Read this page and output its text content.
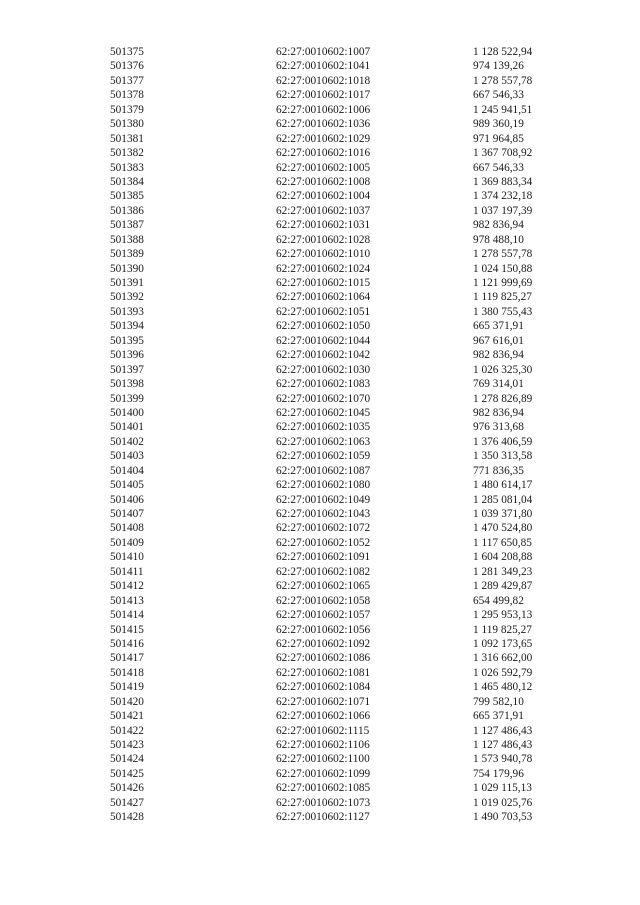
501375	62:27:0010602:1007	1 128 522,94
501376	62:27:0010602:1041	974 139,26
501377	62:27:0010602:1018	1 278 557,78
501378	62:27:0010602:1017	667 546,33
501379	62:27:0010602:1006	1 245 941,51
501380	62:27:0010602:1036	989 360,19
501381	62:27:0010602:1029	971 964,85
501382	62:27:0010602:1016	1 367 708,92
501383	62:27:0010602:1005	667 546,33
501384	62:27:0010602:1008	1 369 883,34
501385	62:27:0010602:1004	1 374 232,18
501386	62:27:0010602:1037	1 037 197,39
501387	62:27:0010602:1031	982 836,94
501388	62:27:0010602:1028	978 488,10
501389	62:27:0010602:1010	1 278 557,78
501390	62:27:0010602:1024	1 024 150,88
501391	62:27:0010602:1015	1 121 999,69
501392	62:27:0010602:1064	1 119 825,27
501393	62:27:0010602:1051	1 380 755,43
501394	62:27:0010602:1050	665 371,91
501395	62:27:0010602:1044	967 616,01
501396	62:27:0010602:1042	982 836,94
501397	62:27:0010602:1030	1 026 325,30
501398	62:27:0010602:1083	769 314,01
501399	62:27:0010602:1070	1 278 826,89
501400	62:27:0010602:1045	982 836,94
501401	62:27:0010602:1035	976 313,68
501402	62:27:0010602:1063	1 376 406,59
501403	62:27:0010602:1059	1 350 313,58
501404	62:27:0010602:1087	771 836,35
501405	62:27:0010602:1080	1 480 614,17
501406	62:27:0010602:1049	1 285 081,04
501407	62:27:0010602:1043	1 039 371,80
501408	62:27:0010602:1072	1 470 524,80
501409	62:27:0010602:1052	1 117 650,85
501410	62:27:0010602:1091	1 604 208,88
501411	62:27:0010602:1082	1 281 349,23
501412	62:27:0010602:1065	1 289 429,87
501413	62:27:0010602:1058	654 499,82
501414	62:27:0010602:1057	1 295 953,13
501415	62:27:0010602:1056	1 119 825,27
501416	62:27:0010602:1092	1 092 173,65
501417	62:27:0010602:1086	1 316 662,00
501418	62:27:0010602:1081	1 026 592,79
501419	62:27:0010602:1084	1 465 480,12
501420	62:27:0010602:1071	799 582,10
501421	62:27:0010602:1066	665 371,91
501422	62:27:0010602:1115	1 127 486,43
501423	62:27:0010602:1106	1 127 486,43
501424	62:27:0010602:1100	1 573 940,78
501425	62:27:0010602:1099	754 179,96
501426	62:27:0010602:1085	1 029 115,13
501427	62:27:0010602:1073	1 019 025,76
501428	62:27:0010602:1127	1 490 703,53
